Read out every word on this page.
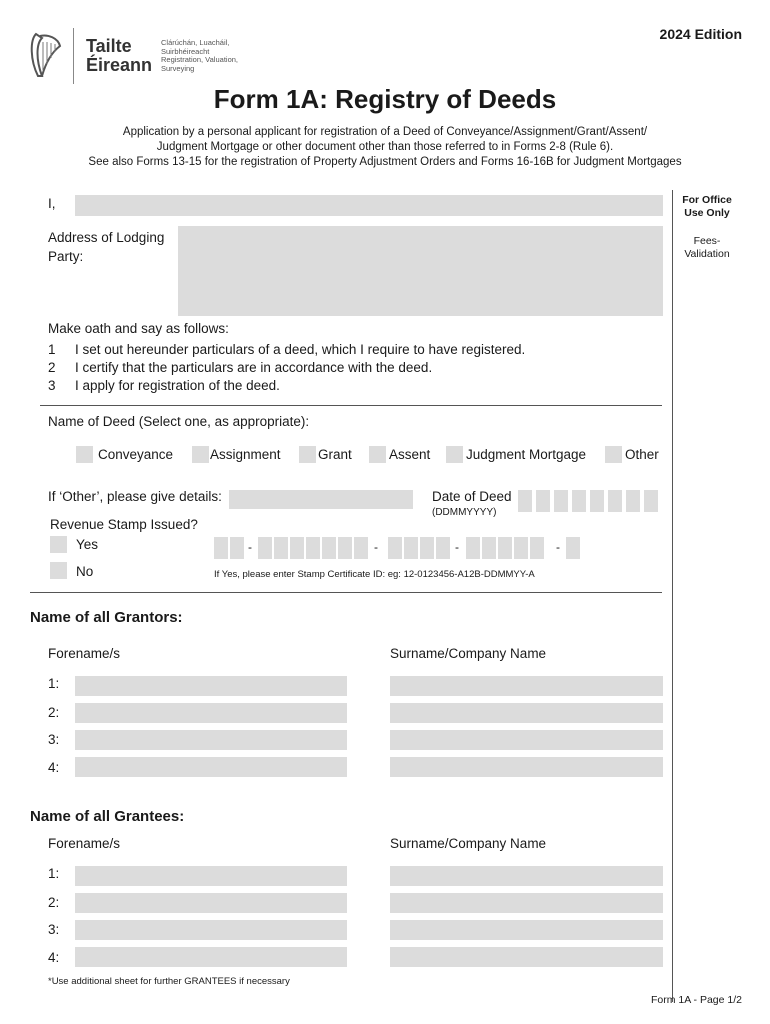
Tailte
Éireann
Clárúchán, Luacháil,
Suirbhéireacht
Registration, Valuation,
Surveying
2024 Edition
Form 1A: Registry of Deeds
Application by a personal applicant for registration of a Deed of Conveyance/Assignment/Grant/Assent/
Judgment Mortgage or other document other than those referred to in Forms 2-8 (Rule 6).
See also Forms 13-15 for the registration of Property Adjustment Orders and Forms 16-16B for Judgment Mortgages
For Office
Use Only
Fees-
Validation
I,
Address of Lodging
Party:
Make oath and say as follows:
1 I set out hereunder particulars of a deed, which I require to have registered.
2 I certify that the particulars are in accordance with the deed.
3 I apply for registration of the deed.
Name of Deed (Select one, as appropriate):
Conveyance	Assignment	Grant	Assent	Judgment Mortgage	Other
If ‘Other’, please give details:	Date of Deed
(DDMMYYYY)
Revenue Stamp Issued?
Yes
No
-	-	-	-
If Yes, please enter Stamp Certificate ID: eg: 12-0123456-A12B-DDMMYY-A
Name of all Grantors:
Forename/s	Surname/Company Name
1:
2:
3:
4:
Name of all Grantees:
Forename/s	Surname/Company Name
1:
2:
3:
4:
*Use additional sheet for further GRANTEES if necessary
Form 1A - Page 1/2
